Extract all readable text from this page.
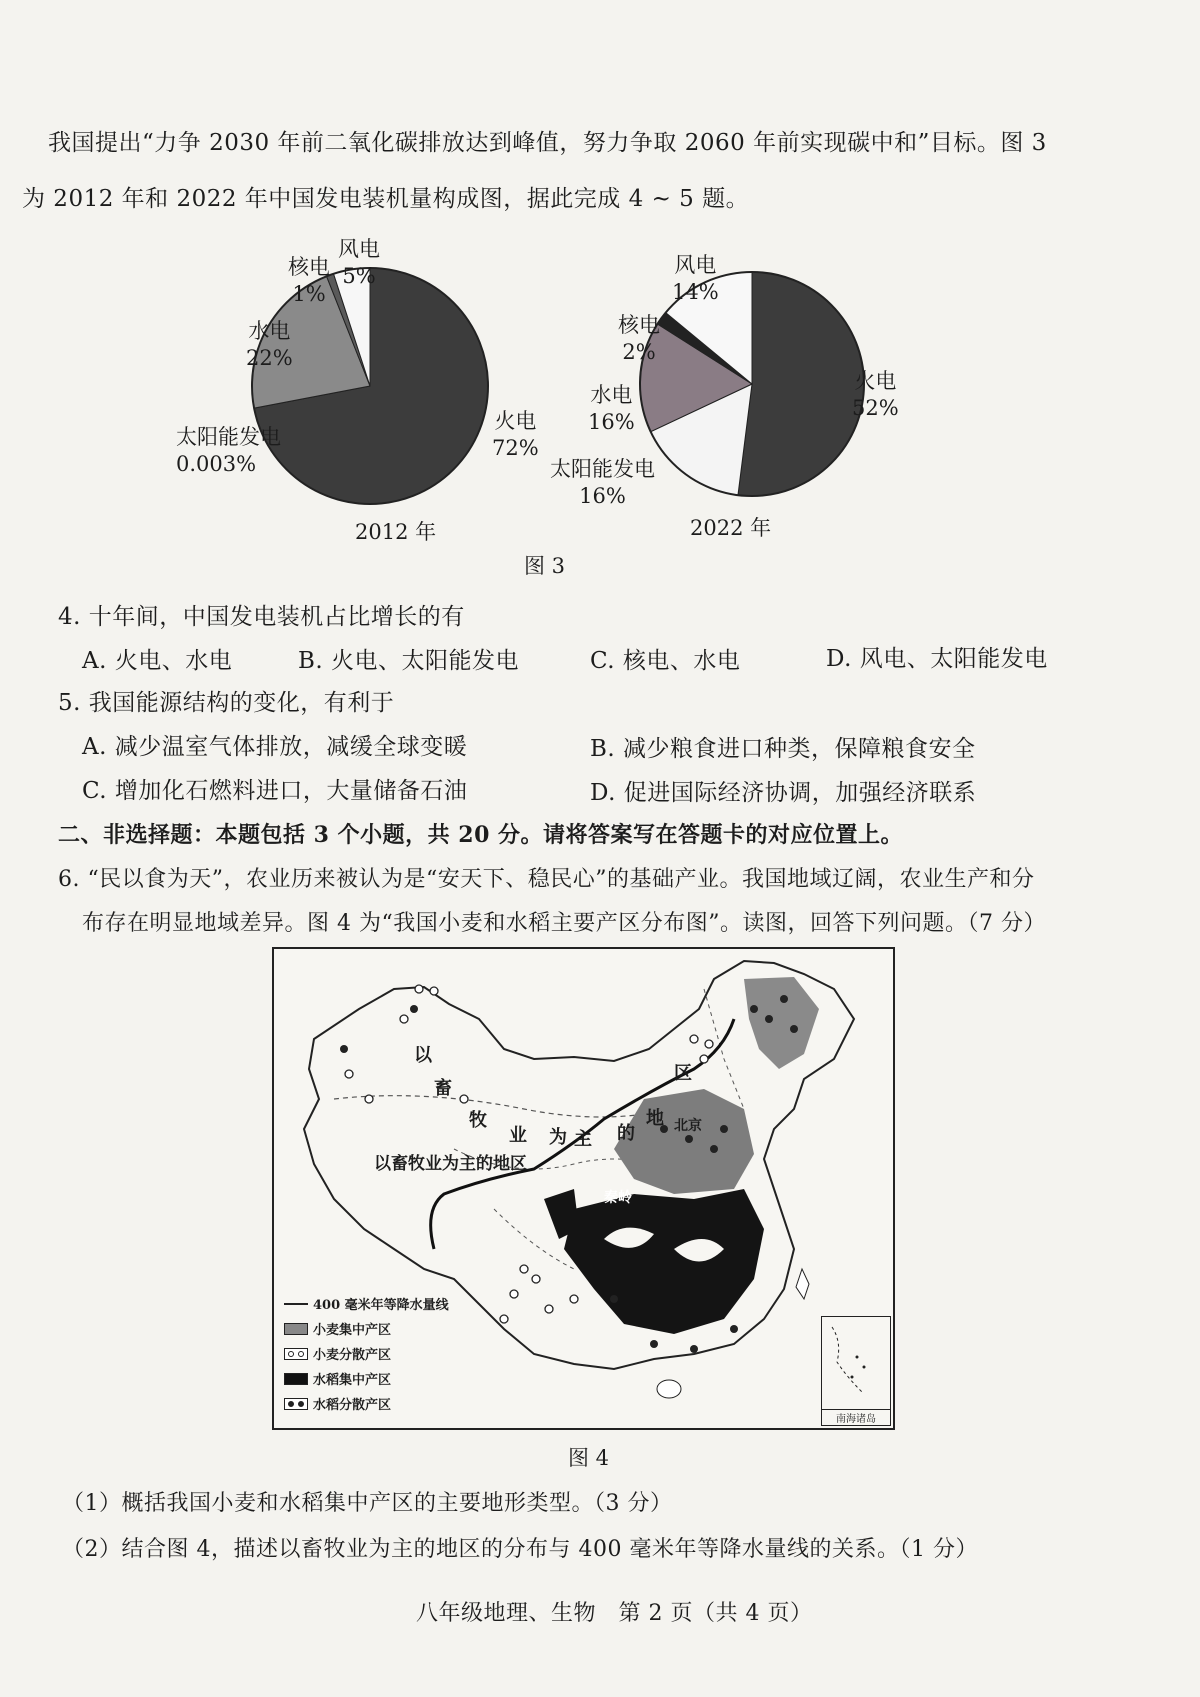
我国提出“力争 2030 年前二氧化碳排放达到峰值，努力争取 2060 年前实现碳中和”目标。图 3
为 2012 年和 2022 年中国发电装机量构成图，据此完成 4 ~ 5 题。
风电
5%
核电
1%
水电
22%
太阳能发电
0.003%
火电
72%
2012 年
风电
14%
核电
2%
水电
16%
太阳能发电
16%
火电
52%
2022 年
图 3
4. 十年间，中国发电装机占比增长的有
A. 火电、水电	B. 火电、太阳能发电	C. 核电、水电	D. 风电、太阳能发电
5. 我国能源结构的变化，有利于
A. 减少温室气体排放，减缓全球变暖	B. 减少粮食进口种类，保障粮食安全
C. 增加化石燃料进口，大量储备石油	D. 促进国际经济协调，加强经济联系
二、非选择题：本题包括 3 个小题，共 20 分。请将答案写在答题卡的对应位置上。
6. “民以食为天”，农业历来被认为是“安天下、稳民心”的基础产业。我国地域辽阔，农业生产和分
布存在明显地域差异。图 4 为“我国小麦和水稻主要产区分布图”。读图，回答下列问题。（7 分）
以
畜
牧
业 为 主 的
地
区
以畜牧业为主的地区
北京
秦岭
400 毫米年等降水量线
小麦集中产区
小麦分散产区
水稻集中产区
水稻分散产区
南海诸岛
图 4
（1）概括我国小麦和水稻集中产区的主要地形类型。（3 分）
（2）结合图 4，描述以畜牧业为主的地区的分布与 400 毫米年等降水量线的关系。（1 分）
八年级地理、生物　第 2 页（共 4 页）
